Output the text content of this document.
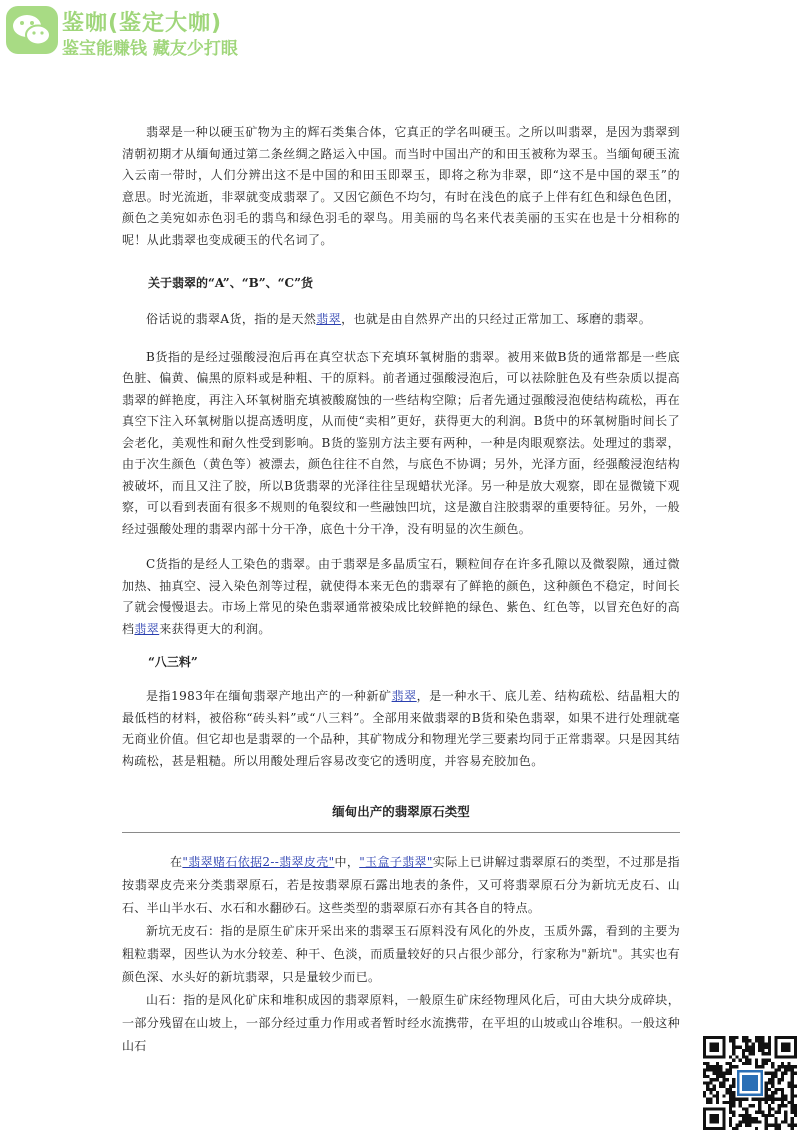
鉴咖(鉴定大咖)
鉴宝能赚钱 藏友少打眼

翡翠是一种以硬玉矿物为主的辉石类集合体，它真正的学名叫硬玉。之所以叫翡翠，是因为翡翠到清朝初期才从缅甸通过第二条丝绸之路运入中国。而当时中国出产的和田玉被称为翠玉。当缅甸硬玉流入云南一带时，人们分辨出这不是中国的和田玉即翠玉，即将之称为非翠，即“这不是中国的翠玉”的意思。时光流逝，非翠就变成翡翠了。又因它颜色不均匀，有时在浅色的底子上伴有红色和绿色色团，颜色之美宛如赤色羽毛的翡鸟和绿色羽毛的翠鸟。用美丽的鸟名来代表美丽的玉实在也是十分相称的呢！从此翡翠也变成硬玉的代名词了。

关于翡翠的“A”、“B”、“C”货

俗话说的翡翠A货，指的是天然翡翠，也就是由自然界产出的只经过正常加工、琢磨的翡翠。

B货指的是经过强酸浸泡后再在真空状态下充填环氧树脂的翡翠。被用来做B货的通常都是一些底色脏、偏黄、偏黑的原料或是种粗、干的原料。前者通过强酸浸泡后，可以祛除脏色及有些杂质以提高翡翠的鲜艳度，再注入环氧树脂充填被酸腐蚀的一些结构空隙；后者先通过强酸浸泡使结构疏松，再在真空下注入环氧树脂以提高透明度，从而使“卖相”更好，获得更大的利润。B货中的环氧树脂时间长了会老化，美观性和耐久性受到影响。B货的鉴别方法主要有两种，一种是肉眼观察法。处理过的翡翠，由于次生颜色（黄色等）被漂去，颜色往往不自然，与底色不协调；另外，光泽方面，经强酸浸泡结构被破坏，而且又注了胶，所以B货翡翠的光泽往往呈现蜡状光泽。另一种是放大观察，即在显微镜下观察，可以看到表面有很多不规则的龟裂纹和一些融蚀凹坑，这是激自注胶翡翠的重要特征。另外，一般经过强酸处理的翡翠内部十分干净，底色十分干净，没有明显的次生颜色。

C货指的是经人工染色的翡翠。由于翡翠是多晶质宝石，颗粒间存在许多孔隙以及微裂隙，通过微加热、抽真空、浸入染色剂等过程，就使得本来无色的翡翠有了鲜艳的颜色，这种颜色不稳定，时间长了就会慢慢退去。市场上常见的染色翡翠通常被染成比较鲜艳的绿色、紫色、红色等，以冒充色好的高档翡翠来获得更大的利润。

“八三料”

是指1983年在缅甸翡翠产地出产的一种新矿翡翠，是一种水干、底儿差、结构疏松、结晶粗大的最低档的材料，被俗称“砖头料”或“八三料”。全部用来做翡翠的B货和染色翡翠，如果不进行处理就毫无商业价值。但它却也是翡翠的一个品种，其矿物成分和物理光学三要素均同于正常翡翠。只是因其结构疏松，甚是粗糙。所以用酸处理后容易改变它的透明度，并容易充胶加色。

缅甸出产的翡翠原石类型

在"翡翠赌石依据2--翡翠皮壳"中，"玉盒子翡翠"实际上已讲解过翡翠原石的类型，不过那是指按翡翠皮壳来分类翡翠原石，若是按翡翠原石露出地表的条件，又可将翡翠原石分为新坑无皮石、山石、半山半水石、水石和水翻砂石。这些类型的翡翠原石亦有其各自的特点。

新坑无皮石：指的是原生矿床开采出来的翡翠玉石原料没有风化的外皮，玉质外露，看到的主要为粗粒翡翠，因些认为水分较差、种干、色淡，而质量较好的只占很少部分，行家称为"新坑"。其实也有颜色深、水头好的新坑翡翠，只是量较少而已。

山石：指的是风化矿床和堆积成因的翡翠原料，一般原生矿床经物理风化后，可由大块分成碎块，一部分残留在山坡上，一部分经过重力作用或者暂时经水流携带，在平坦的山坡或山谷堆积。一般这种山石
